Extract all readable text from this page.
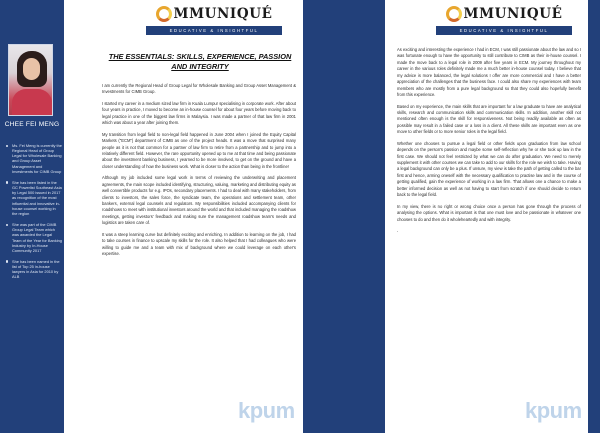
CHEE FEI MENG
Ms. Fei Meng is currently the Regional Head of Group Legal for Wholesale Banking and Group Asset Management and Investments for CIMB Group
She has been listed in the GC Powerlist Southeast Asia by Legal 500 issued in 2017 as recognition of the most influential and innovative in-house counsel working in the region
She was part of the CIMB Group Legal Team which was awarded the Legal Team of the Year for Banking Industry by In-House Community 2017
She has been named in the list of Top 25 in-house lawyers in Asia for 2010 by ALB
MMUNIQUÉ
EDUCATIVE & INSIGHTFUL
MMUNIQUÉ
EDUCATIVE & INSIGHTFUL
THE ESSENTIALS: SKILLS, EXPERIENCE, PASSION AND INTEGRITY

I am currently the Regional Head of Group Legal for Wholesale Banking and Group Asset Management & Investments for CIMB Group.

I started my career in a medium sized law firm in Kuala Lumpur specialising in corporate work. After about four years in practice, I moved to become an in-house counsel for about four years before moving back to legal practice in one of the biggest law firms in Malaysia. I was made a partner of that law firm in 2001 which was about a year after joining them.

My transition from legal field to non-legal field happened in June 2004 when I joined the Equity Capital Markets ("ECM") department of CIMB as one of the project heads. It was a move that surprised many people as it is not that common for a partner of law firm to retire from a partnership and to jump into a relatively different field. However, the rare opportunity opened up to me at that time and being passionate about the investment banking business, I yearned to be more involved, to get on the ground and have a closer understanding of how the business work. What is closer to the action than being in the frontline!

Although my job included some legal work in terms of reviewing the underwriting and placement agreements, the main scope included identifying, structuring, valuing, marketing and distributing equity as well convertible products for e.g. IPOs, secondary placements. I had to deal with many stakeholders, from clients to investors, the sales force, the syndicate team, the operations and settlement team, other bankers, external legal counsels and regulators. My responsibilities included accompanying clients for roadshows to meet with institutional investors around the world and that included managing the roadshow meetings, getting investors' feedback and making sure the management roadshow team's needs and logistics are taken care of.

It was a steep learning curve but definitely exciting and enriching. In addition to learning on the job, I had to take courses in finance to upscale my skills for the role. It also helped that I had colleagues who were willing to guide me and a team with mix of background where we could leverage on each other's expertise.

As exciting and interesting the experience I had in ECM, I was still passionate about the law and so I was fortunate enough to have the opportunity to still contribute to CIMB as their in-house counsel. I made the move back to a legal role in 2009 after five years in ECM. My journey throughout my career in the various roles definitely made me a much better in-house counsel today. I believe that my advice is more balanced, the legal solutions I offer are more commercial and I have a better appreciation of the challenges that the business face. I could also share my experiences with team members who are mostly from a pure legal background so that they could also hopefully benefit from this experience.

Based on my experience, the main skills that are important for a law graduate to have are analytical skills, research and communication skills and communication skills. In addition, another skill not mentioned often enough is the skill for responsiveness. Not being readily available as often as possible may result in a failed case or a loss in a client. All these skills are important even as one move to other fields or to more senior roles in the legal field.

Whether one chooses to pursue a legal field or other fields upon graduation from law school depends on the person's passion and maybe some self-reflection why he or she took up law in the first case. We should not feel restricted by what we can do after graduation. We need to merely supplement it with other courses we can take to add to our skills for the role we wish to take. Having a legal background can only be a plus. If unsure, my view is take the path of getting called to the bar first and hence, arming oneself with the necessary qualification to practise law and in the course of getting qualified, gain the experience of working in a law firm. That allows one a chance to make a better informed decision as well as not having to start from scratch if one should decide to return back to the legal field.

In my view, there is no right or wrong choice once a person has gone through the process of analysing the options. What is important is that one must love and be passionate in whatever one chooses to do and then do it wholeheartedly and with integrity.

.

kpum	kpum
